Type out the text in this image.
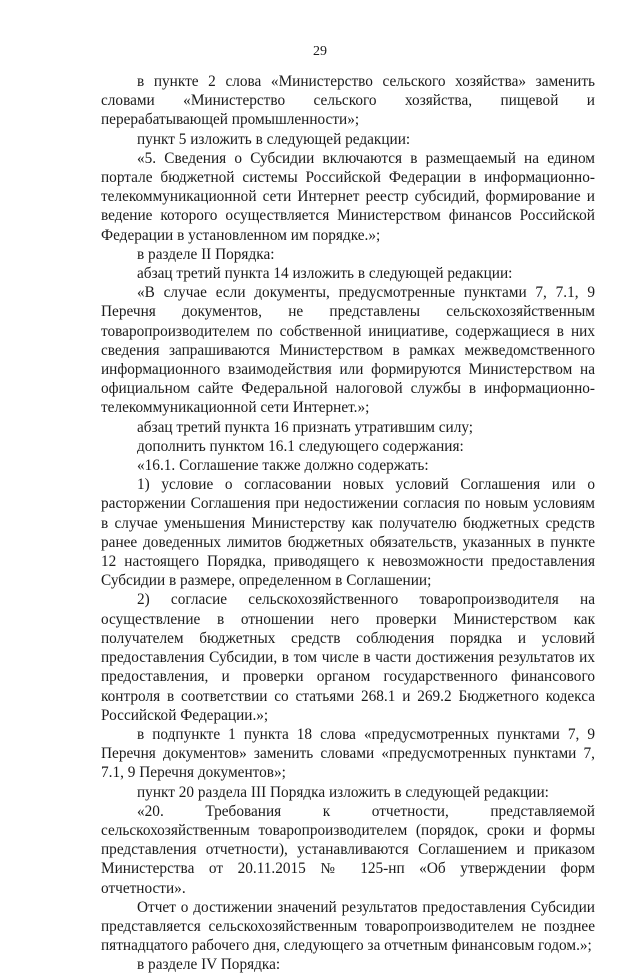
29

в пункте 2 слова «Министерство сельского хозяйства» заменить словами «Министерство сельского хозяйства, пищевой и перерабатывающей промышленности»;

пункт 5 изложить в следующей редакции:

«5. Сведения о Субсидии включаются в размещаемый на едином портале бюджетной системы Российской Федерации в информационно-телекоммуникационной сети Интернет реестр субсидий, формирование и ведение которого осуществляется Министерством финансов Российской Федерации в установленном им порядке.»;

в разделе II Порядка:

абзац третий пункта 14 изложить в следующей редакции:

«В случае если документы, предусмотренные пунктами 7, 7.1, 9 Перечня документов, не представлены сельскохозяйственным товаропроизводителем по собственной инициативе, содержащиеся в них сведения запрашиваются Министерством в рамках межведомственного информационного взаимодействия или формируются Министерством на официальном сайте Федеральной налоговой службы в информационно-телекоммуникационной сети Интернет.»;

абзац третий пункта 16 признать утратившим силу;

дополнить пунктом 16.1 следующего содержания:

«16.1. Соглашение также должно содержать:

1) условие о согласовании новых условий Соглашения или о расторжении Соглашения при недостижении согласия по новым условиям в случае уменьшения Министерству как получателю бюджетных средств ранее доведенных лимитов бюджетных обязательств, указанных в пункте 12 настоящего Порядка, приводящего к невозможности предоставления Субсидии в размере, определенном в Соглашении;

2) согласие сельскохозяйственного товаропроизводителя на осуществление в отношении него проверки Министерством как получателем бюджетных средств соблюдения порядка и условий предоставления Субсидии, в том числе в части достижения результатов их предоставления, и проверки органом государственного финансового контроля в соответствии со статьями 268.1 и 269.2 Бюджетного кодекса Российской Федерации.»;

в подпункте 1 пункта 18 слова «предусмотренных пунктами 7, 9 Перечня документов» заменить словами «предусмотренных пунктами 7, 7.1, 9 Перечня документов»;

пункт 20 раздела III Порядка изложить в следующей редакции:

«20. Требования к отчетности, представляемой сельскохозяйственным товаропроизводителем (порядок, сроки и формы представления отчетности), устанавливаются Соглашением и приказом Министерства от 20.11.2015 № 125-нп «Об утверждении форм отчетности».

Отчет о достижении значений результатов предоставления Субсидии представляется сельскохозяйственным товаропроизводителем не позднее пятнадцатого рабочего дня, следующего за отчетным финансовым годом.»;

в разделе IV Порядка:
